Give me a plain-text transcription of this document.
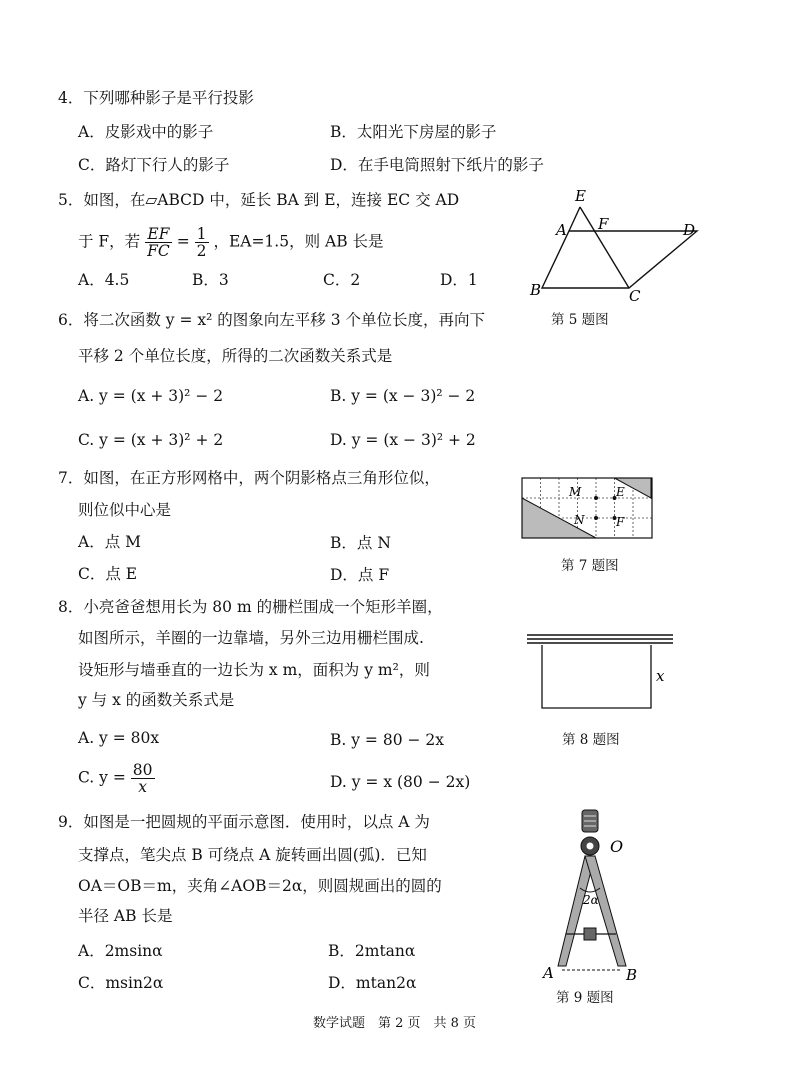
4．下列哪种影子是平行投影
A．皮影戏中的影子	B．太阳光下房屋的影子
C．路灯下行人的影子	D．在手电筒照射下纸片的影子
5．如图，在▱ABCD 中，延长 BA 到 E，连接 EC 交 AD
于 F，若 $\frac{EF}{FC} = \frac{1}{2}$ ，EA=1.5，则 AB 长是
A．4.5	B．3	C．2	D．1
E
A F	D
B	C
第 5 题图
6．将二次函数 y = x² 的图象向左平移 3 个单位长度，再向下
平移 2 个单位长度，所得的二次函数关系式是
A. y = (x + 3)² − 2	B. y = (x − 3)² − 2
C. y = (x + 3)² + 2	D. y = (x − 3)² + 2
7．如图，在正方形网格中，两个阴影格点三角形位似，
则位似中心是
A．点 M	B．点 N
C．点 E	D．点 F
M	E
N	F
第 7 题图
8．小亮爸爸想用长为 80 m 的栅栏围成一个矩形羊圈，
如图所示，羊圈的一边靠墙，另外三边用栅栏围成.
设矩形与墙垂直的一边长为 x m，面积为 y m²，则
y 与 x 的函数关系式是
A. y = 80x	B. y = 80 − 2x
C. $y = \frac{80}{x}$	D. y = x (80 − 2x)
x
第 8 题图
9．如图是一把圆规的平面示意图．使用时，以点 A 为
支撑点，笔尖点 B 可绕点 A 旋转画出圆(弧)．已知
OA＝OB＝m，夹角∠AOB＝2α，则圆规画出的圆的
半径 AB 长是
A．2msinα	B．2mtanα
C．msin2α	D．mtan2α
O
2α
A	B
第 9 题图
数学试题　第 2 页　共 8 页
